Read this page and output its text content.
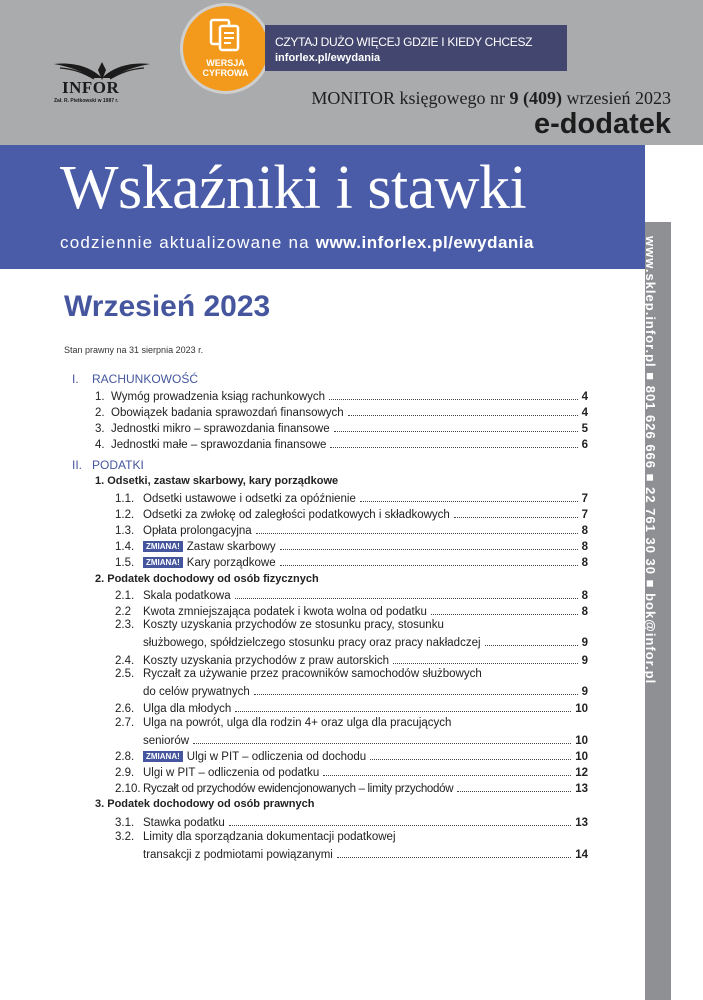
INFOR
Zał. R. Pietkowski w 1987 r.
WERSJA
CYFROWA
CZYTAJ DUŻO WIĘCEJ GDZIE I KIEDY CHCESZ
inforlex.pl/ewydania
MONITOR księgowego nr 9 (409) wrzesień 2023
e-dodatek
Wskaźniki i stawki
codziennie aktualizowane na www.inforlex.pl/ewydania	www.sklep.infor.pl ■ 801 626 666 ■ 22 761 30 30 ■ bok@infor.pl
Wrzesień 2023
Stan prawny na 31 sierpnia 2023 r.
I. RACHUNKOWOŚĆ
1. Wymóg prowadzenia ksiąg rachunkowych	4
2. Obowiązek badania sprawozdań finansowych	4
3. Jednostki mikro – sprawozdania finansowe	5
4. Jednostki małe – sprawozdania finansowe	6
II. PODATKI
1. Odsetki, zastaw skarbowy, kary porządkowe
1.1. Odsetki ustawowe i odsetki za opóźnienie	7
1.2. Odsetki za zwłokę od zaległości podatkowych i składkowych	7
1.3. Opłata prolongacyjna	8
1.4.	ZMIANA! Zastaw skarbowy	8
1.5.	ZMIANA! Kary porządkowe	8
2. Podatek dochodowy od osób fizycznych
2.1. Skala podatkowa	8
2.2	Kwota zmniejszająca podatek i kwota wolna od podatku	8
2.3. Koszty uzyskania przychodów ze stosunku pracy, stosunku
służbowego, spółdzielczego stosunku pracy oraz pracy nakładczej	9
2.4. Koszty uzyskania przychodów z praw autorskich	9
2.5. Ryczałt za używanie przez pracowników samochodów służbowych
do celów prywatnych	9
2.6. Ulga dla młodych	10
2.7. Ulga na powrót, ulga dla rodzin 4+ oraz ulga dla pracujących
seniorów	10
2.8.	ZMIANA! Ulgi w PIT – odliczenia od dochodu	10
2.9. Ulgi w PIT – odliczenia od podatku	12
2.10. Ryczałt od przychodów ewidencjonowanych – limity przychodów	13
3. Podatek dochodowy od osób prawnych
3.1. Stawka podatku	13
3.2. Limity dla sporządzania dokumentacji podatkowej
transakcji z podmiotami powiązanymi	14
